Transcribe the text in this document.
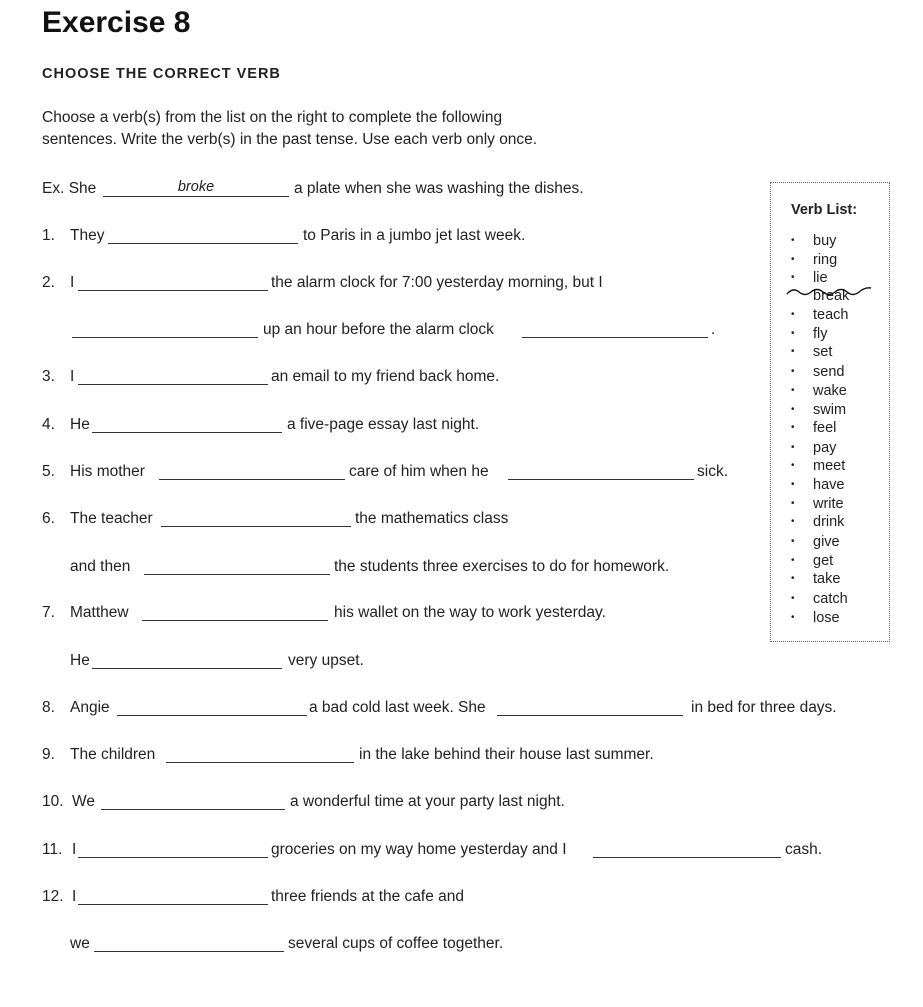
Exercise 8
CHOOSE THE CORRECT VERB
Choose a verb(s) from the list on the right to complete the following
sentences. Write the verb(s) in the past tense. Use each verb only once.
Ex. She	broke	a plate when she was washing the dishes.
1. They	to Paris in a jumbo jet last week.
2. I	the alarm clock for 7:00 yesterday morning, but I
up an hour before the alarm clock	.
3. I	an email to my friend back home.
4. He	a five-page essay last night.
5. His mother	care of him when he	sick.
6. The teacher	the mathematics class
and then	the students three exercises to do for homework.
7. Matthew	his wallet on the way to work yesterday.
He	very upset.
8. Angie	a bad cold last week. She	in bed for three days.
9. The children	in the lake behind their house last summer.
10. We	a wonderful time at your party last night.
11. I	groceries on my way home yesterday and I	cash.
12. I	three friends at the cafe and
we	several cups of coffee together.
Verb List:
• buy
• ring
• lie
break
• teach
• fly
• set
• send
• wake
• swim
• feel
• pay
• meet
• have
• write
• drink
• give
• get
• take
• catch
• lose
